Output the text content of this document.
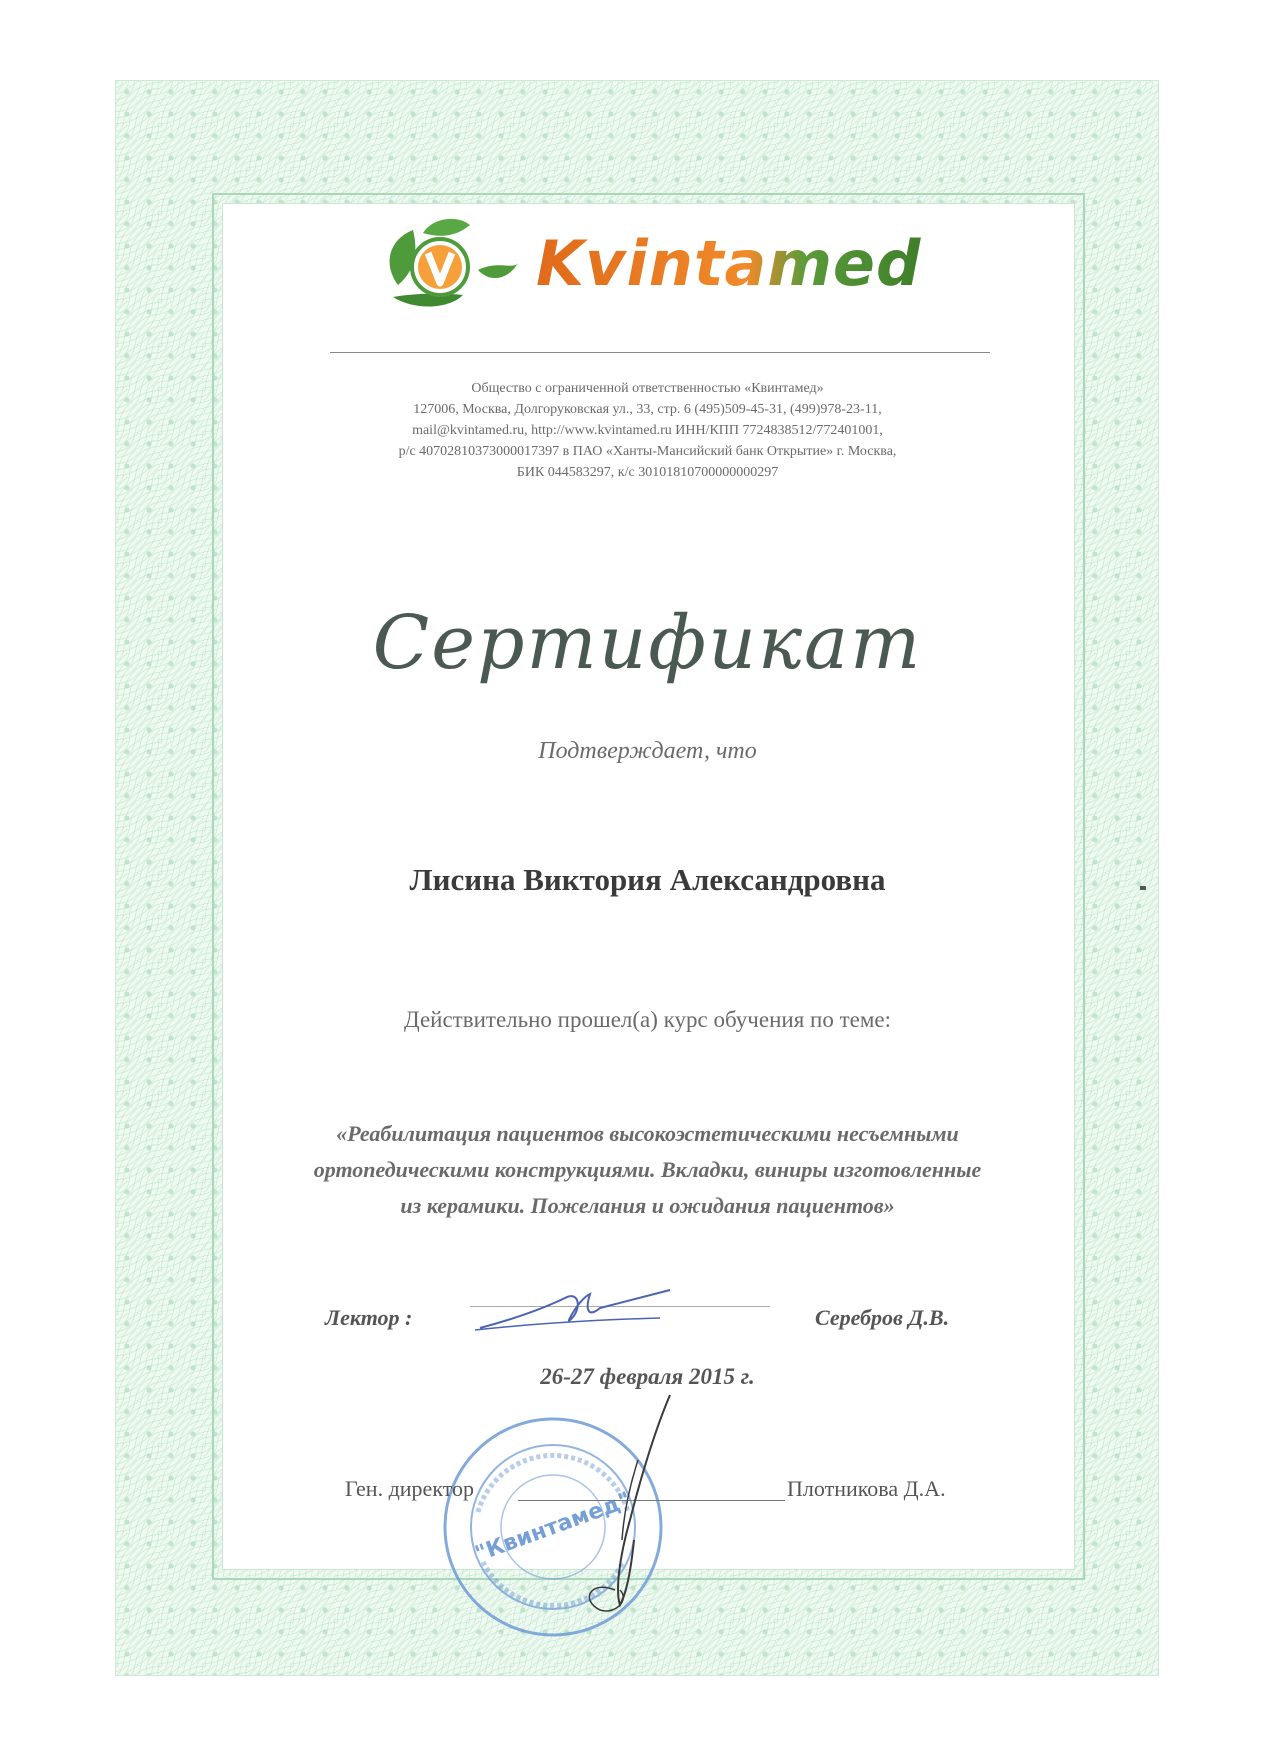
Kvintamed
Общество с ограниченной ответственностью «Квинтамед»
127006, Москва, Долгоруковская ул., 33, стр. 6 (495)509-45-31, (499)978-23-11,
mail@kvintamed.ru, http://www.kvintamed.ru ИНН/КПП 7724838512/772401001,
р/с 40702810373000017397 в ПАО «Ханты-Мансийский банк Открытие» г. Москва,
БИК 044583297, к/с 30101810700000000297
Сертификат
Подтверждает, что
Лисина Виктория Александровна
Действительно прошел(а) курс обучения по теме:
«Реабилитация пациентов высокоэстетическими несъемными
ортопедическими конструкциями. Вкладки, виниры изготовленные
из керамики. Пожелания и ожидания пациентов»
Лектор :	Серебров Д.В.
26-27 февраля 2015 г.
"Квинтамед"
Ген. директор	Плотникова Д.А.
